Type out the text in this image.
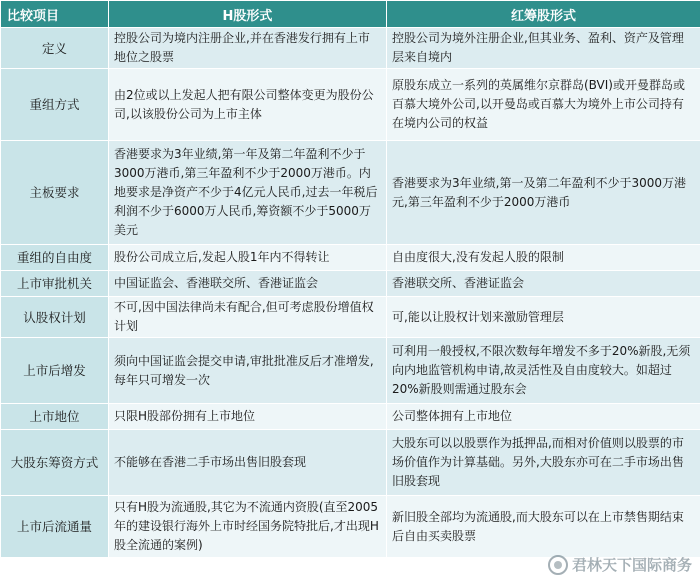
比较项目	H股形式	红筹股形式
定义	控股公司为境内注册企业,并在香港发行拥有上市地位之股票	控股公司为境外注册企业,但其业务、盈利、资产及管理层来自境内
重组方式	由2位或以上发起人把有限公司整体变更为股份公司,以该股份公司为上市主体	原股东成立一系列的英属维尔京群岛(BVI)或开曼群岛或百慕大境外公司,以开曼岛或百慕大为境外上市公司持有在境内公司的权益
主板要求	香港要求为3年业绩,第一年及第二年盈利不少于3000万港币,第三年盈利不少于2000万港币。内地要求是净资产不少于4亿元人民币,过去一年税后利润不少于6000万人民币,筹资额不少于5000万美元	香港要求为3年业绩,第一及第二年盈利不少于3000万港元,第三年盈利不少于2000万港币
重组的自由度	股份公司成立后,发起人股1年内不得转让	自由度很大,没有发起人股的限制
上市审批机关	中国证监会、香港联交所、香港证监会	香港联交所、香港证监会
认股权计划	不可,因中国法律尚未有配合,但可考虑股份增值权计划	可,能以让股权计划来激励管理层
上市后增发	须向中国证监会提交申请,审批批准反后才准增发,每年只可增发一次	可利用一般授权,不限次数每年增发不多于20%新股,无须向内地监管机构申请,故灵活性及自由度较大。如超过20%新股则需通过股东会
上市地位	只限H股部份拥有上市地位	公司整体拥有上市地位
大股东筹资方式	不能够在香港二手市场出售旧股套现	大股东可以以股票作为抵押品,而相对价值则以股票的市场价值作为计算基础。另外,大股东亦可在二手市场出售旧股套现
上市后流通量	只有H股为流通股,其它为不流通内资股(直至2005年的建设银行海外上市时经国务院特批后,才出现H股全流通的案例)	新旧股全部均为流通股,而大股东可以在上市禁售期结束后自由买卖股票
君林天下国际商务
